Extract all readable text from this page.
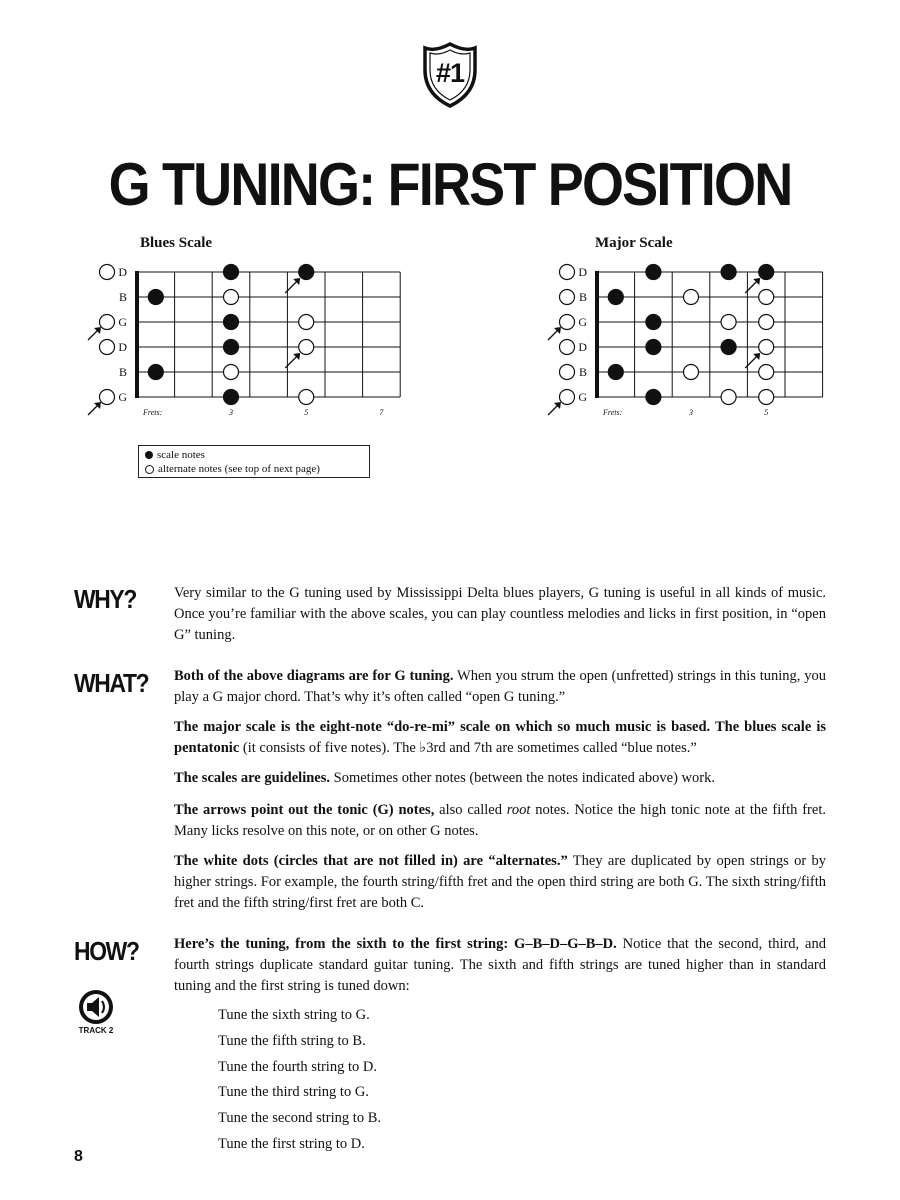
#1
G TUNING: FIRST POSITION
Blues Scale	Major Scale
D
B
G
D
B
G
Frets:	3	5	7
D
B
G
D
B
G
Frets:	3	5
scale notes
alternate notes (see top of next page)
WHY?	Very similar to the G tuning used by Mississippi Delta blues players, G tuning is useful in all kinds of music. Once you’re familiar with the above scales, you can play countless melodies and licks in first position, in “open G” tuning.

WHAT? Both of the above diagrams are for G tuning. When you strum the open (unfretted) strings in this tuning, you play a G major chord. That’s why it’s often called “open G tuning.”

The major scale is the eight-note “do-re-mi” scale on which so much music is based. The blues scale is pentatonic (it consists of five notes). The ♭3rd and 7th are sometimes called “blue notes.”

The scales are guidelines. Sometimes other notes (between the notes indicated above) work.

The arrows point out the tonic (G) notes, also called root notes. Notice the high tonic note at the fifth fret. Many licks resolve on this note, or on other G notes.

The white dots (circles that are not filled in) are “alternates.” They are duplicated by open strings or by higher strings. For example, the fourth string/fifth fret and the open third string are both G. The sixth string/fifth fret and the fifth string/first fret are both C.

HOW? Here’s the tuning, from the sixth to the first string: G–B–D–G–B–D. Notice that the second, third, and fourth strings duplicate standard guitar tuning. The sixth and fifth strings are tuned higher than in standard tuning and the first string is tuned down:

Tune the sixth string to G.
Tune the fifth string to B.
Tune the fourth string to D.
Tune the third string to G.
Tune the second string to B.
Tune the first string to D.
TRACK 2
8
